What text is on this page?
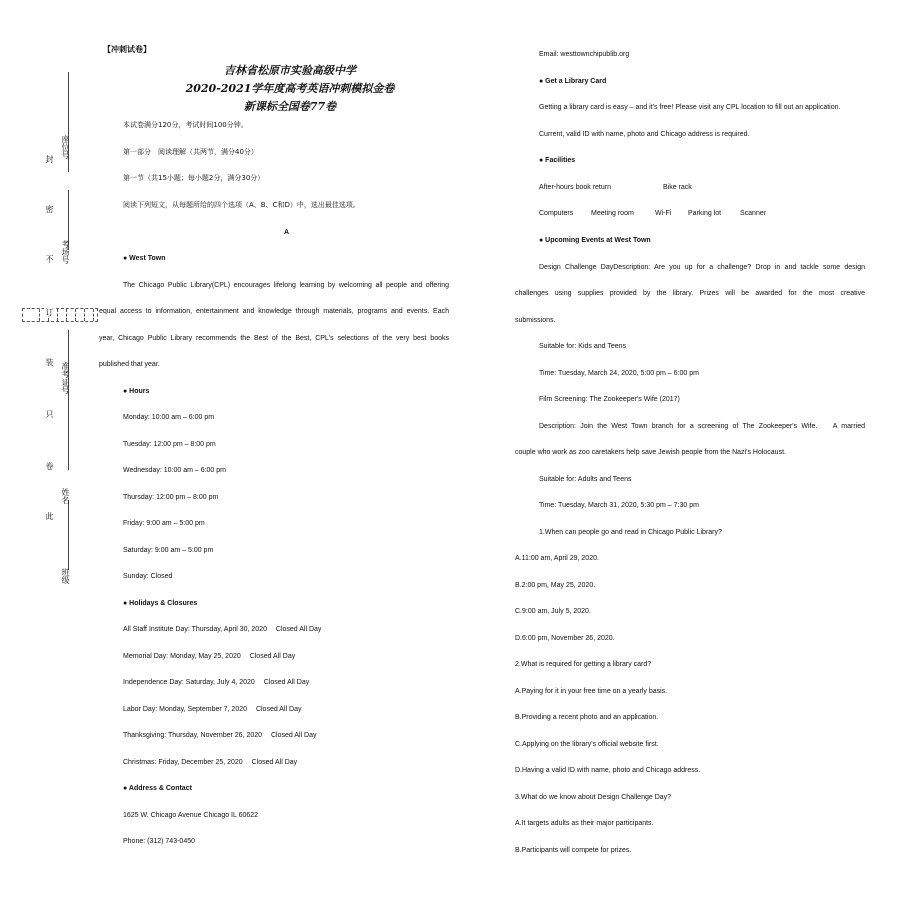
座位号
考场号
准考证号
姓名
班级
封
密
不
订
装
只
卷
此
【冲刺试卷】
吉林省松原市实验高级中学
2020-2021学年度高考英语冲刺模拟金卷
新课标全国卷77卷
本试卷满分120分，考试时间100分钟。
第一部分　阅读理解（共两节，满分40分）
第一节（共15小题；每小题2分，满分30分）
阅读下列短文，从每题所给的四个选项（A、B、C和D）中，选出最佳选项。
A
● West Town
The Chicago Public Library(CPL) encourages lifelong learning by welcoming all people and offering
equal access to information, entertainment and knowledge through materials, programs and events. Each
year, Chicago Public Library recommends the Best of the Best, CPL's selections of the very best books
published that year.
● Hours
Monday: 10:00 am – 6:00 pm
Tuesday: 12:00 pm – 8:00 pm
Wednesday: 10:00 am – 6:00 pm
Thursday: 12:00 pm – 8:00 pm
Friday: 9:00 am – 5:00 pm
Saturday: 9:00 am – 5:00 pm
Sunday: Closed
● Holidays & Closures
All Staff Institute Day: Thursday, April 30, 2020　 Closed All Day
Memorial Day: Monday, May 25, 2020　 Closed All Day
Independence Day: Saturday, July 4, 2020　 Closed All Day
Labor Day: Monday, September 7, 2020　 Closed All Day
Thanksgiving: Thursday, November 26, 2020　 Closed All Day
Christmas: Friday, December 25, 2020　 Closed All Day
● Address & Contact
1625 W. Chicago Avenue Chicago IL 60622
Phone: (312) 743-0450
Email: westtownchipublib.org
● Get a Library Card
Getting a library card is easy – and it's free! Please visit any CPL location to fill out an application.
Current, valid ID with name, photo and Chicago address is required.
● Facilities
After-hours book return	Bike rack
Computers	Meeting room	Wi-Fi Parking lot	Scanner
● Upcoming Events at West Town
Design Challenge DayDescription: Are you up for a challenge? Drop in and tackle some design
challenges using supplies provided by the library. Prizes will be awarded for the most creative
submissions.
Suitable for: Kids and Teens
Time: Tuesday, March 24, 2020, 5:00 pm – 6:00 pm
Film Screening: The Zookeeper's Wife (2017)
Description: Join the West Town branch for a screening of The Zookeeper's Wife.　 A married
couple who work as zoo caretakers help save Jewish people from the Nazi's Holocaust.
Suitable for: Adults and Teens
Time: Tuesday, March 31, 2020, 5:30 pm – 7:30 pm
1.When can people go and read in Chicago Public Library?
A.11:00 am, April 29, 2020.
B.2:00 pm, May 25, 2020.
C.9:00 am, July 5, 2020.
D.6:00 pm, November 26, 2020.
2.What is required for getting a library card?
A.Paying for it in your free time on a yearly basis.
B.Providing a recent photo and an application.
C.Applying on the library's official website first.
D.Having a valid ID with name, photo and Chicago address.
3.What do we know about Design Challenge Day?
A.It targets adults as their major participants.
B.Participants will compete for prizes.
